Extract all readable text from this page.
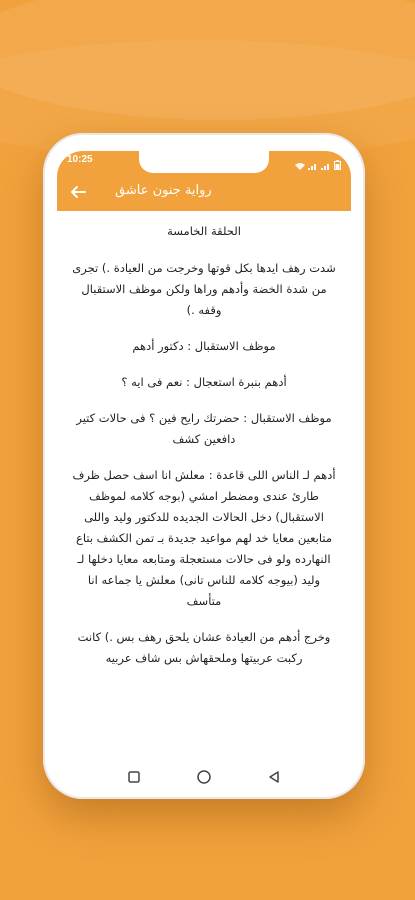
10:25
رواية جنون عاشق

الحلقة الخامسة

شدت رهف ايدها بكل قوتها وخرجت من العيادة .) تجرى من شدة الخضة وأدهم وراها ولكن موظف الاستقبال وقفه .)

موظف الاستقبال : دكتور أدهم

أدهم بنبرة استعجال : نعم فى ايه ؟

موظف الاستقبال : حضرتك رايح فين ؟ فى حالات كتير دافعين كشف

أدهم لـ الناس اللى قاعدة : معلش انا اسف حصل ظرف طارئ عندى ومضطر امشي (بوجه كلامه لموظف الاستقبال) دخل الحالات الجديده للدكتور وليد واللى متابعين معايا خد لهم مواعيد جديدة بـ تمن الكشف بتاع النهارده ولو فى حالات مستعجلة ومتابعه معايا دخلها لـ وليد (بيوجه كلامه للناس تانى) معلش يا جماعه انا متأسف

وخرج أدهم من العيادة عشان يلحق رهف بس .) كانت ركبت عربيتها وملحقهاش بس شاف عربيه
